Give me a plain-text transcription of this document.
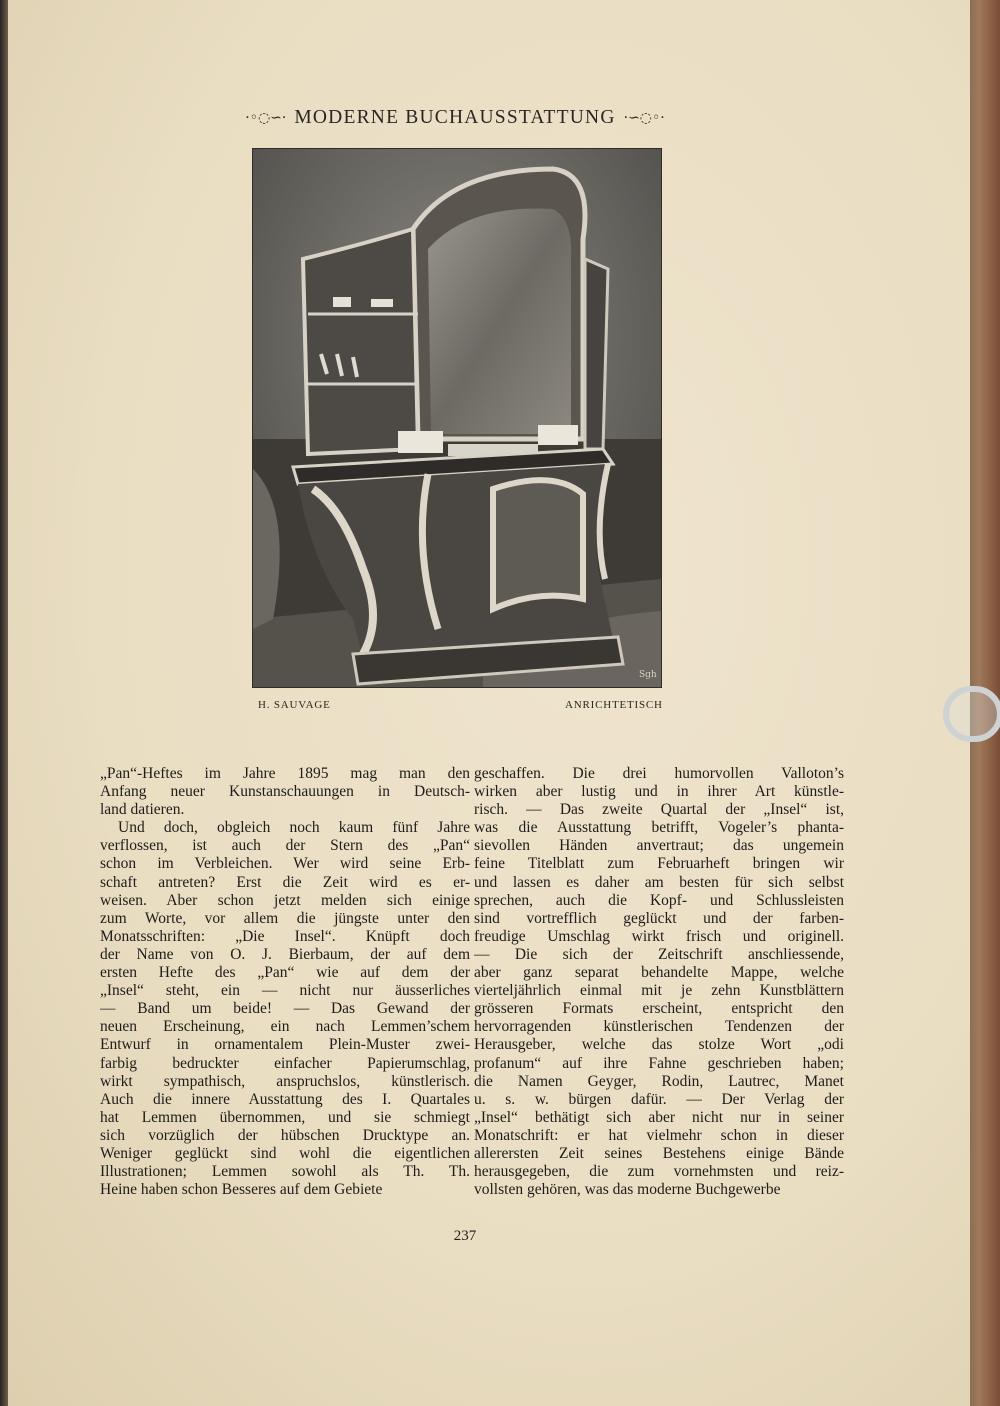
·◦◌∽· MODERNE BUCHAUSSTATTUNG ·∽◌◦·
Sgh
H. SAUVAGE	ANRICHTETISCH
„Pan“-Heftes im Jahre 1895 mag man den
Anfang neuer Kunstanschauungen in Deutsch-
land datieren.
Und doch, obgleich noch kaum fünf Jahre
verflossen, ist auch der Stern des „Pan“
schon im Verbleichen. Wer wird seine Erb-
schaft antreten? Erst die Zeit wird es er-
weisen. Aber schon jetzt melden sich einige
zum Worte, vor allem die jüngste unter den
Monatsschriften: „Die Insel“. Knüpft doch
der Name von O. J. Bierbaum, der auf dem
ersten Hefte des „Pan“ wie auf dem der
„Insel“ steht, ein — nicht nur äusserliches
— Band um beide! — Das Gewand der
neuen Erscheinung, ein nach Lemmen’schem
Entwurf in ornamentalem Plein-Muster zwei-
farbig bedruckter einfacher Papierumschlag,
wirkt sympathisch, anspruchslos, künstlerisch.
Auch die innere Ausstattung des I. Quartales
hat Lemmen übernommen, und sie schmiegt
sich vorzüglich der hübschen Drucktype an.
Weniger geglückt sind wohl die eigentlichen
Illustrationen; Lemmen sowohl als Th. Th.
Heine haben schon Besseres auf dem Gebiete
geschaffen. Die drei humorvollen Valloton’s
wirken aber lustig und in ihrer Art künstle-
risch. — Das zweite Quartal der „Insel“ ist,
was die Ausstattung betrifft, Vogeler’s phanta-
sievollen Händen anvertraut; das ungemein
feine Titelblatt zum Februarheft bringen wir
und lassen es daher am besten für sich selbst
sprechen, auch die Kopf- und Schlussleisten
sind vortrefflich geglückt und der farben-
freudige Umschlag wirkt frisch und originell.
— Die sich der Zeitschrift anschliessende,
aber ganz separat behandelte Mappe, welche
vierteljährlich einmal mit je zehn Kunstblättern
grösseren Formats erscheint, entspricht den
hervorragenden künstlerischen Tendenzen der
Herausgeber, welche das stolze Wort „odi
profanum“ auf ihre Fahne geschrieben haben;
die Namen Geyger, Rodin, Lautrec, Manet
u. s. w. bürgen dafür. — Der Verlag der
„Insel“ bethätigt sich aber nicht nur in seiner
Monatschrift: er hat vielmehr schon in dieser
allerersten Zeit seines Bestehens einige Bände
herausgegeben, die zum vornehmsten und reiz-
vollsten gehören, was das moderne Buchgewerbe
237
